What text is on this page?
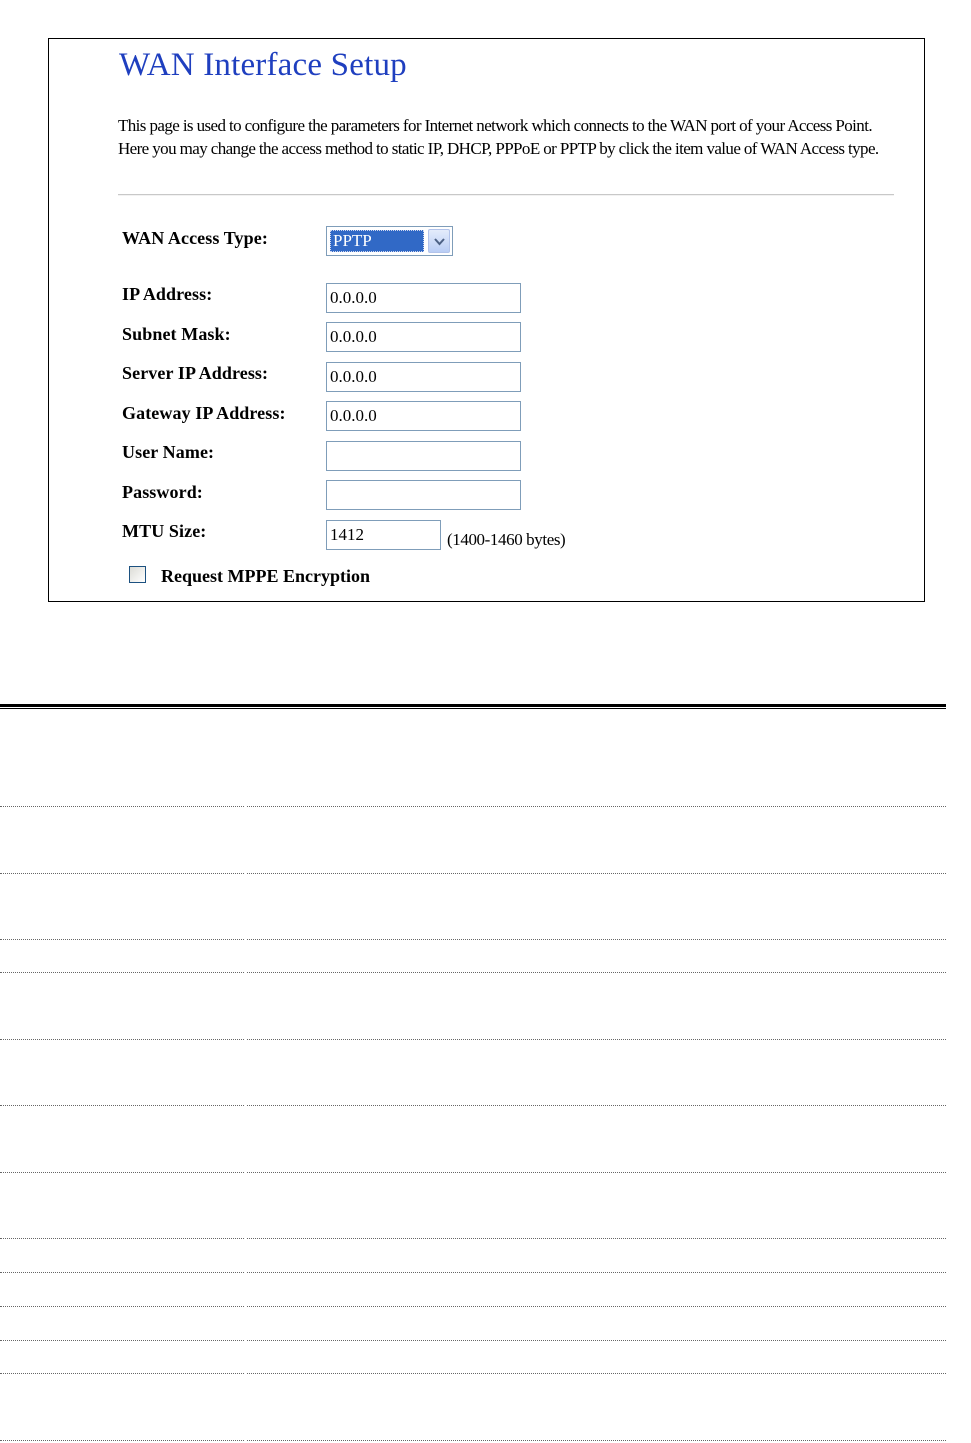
WAN Interface Setup

This page is used to configure the parameters for Internet network which connects to the WAN port of your Access Point. Here you may change the access method to static IP, DHCP, PPPoE or PPTP by click the item value of WAN Access type.

WAN Access Type:	PPTP
IP Address:
0.0.0.0
Subnet Mask:
0.0.0.0
Server IP Address:
0.0.0.0
Gateway IP Address:
0.0.0.0
User Name:
Password:
MTU Size:
1412	(1400-1460 bytes)
Request MPPE Encryption
